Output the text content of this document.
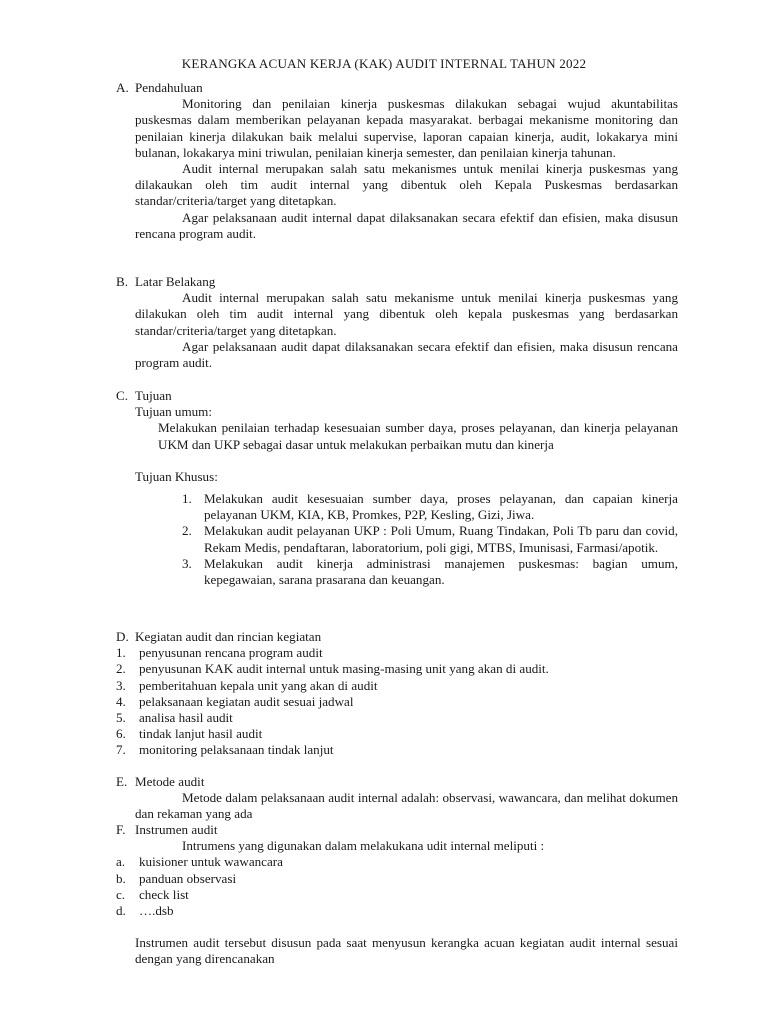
KERANGKA ACUAN KERJA (KAK) AUDIT INTERNAL TAHUN 2022
A. Pendahuluan
Monitoring dan penilaian kinerja puskesmas dilakukan sebagai wujud akuntabilitas puskesmas dalam memberikan pelayanan kepada masyarakat. berbagai mekanisme monitoring dan penilaian kinerja dilakukan baik melalui supervise, laporan capaian kinerja, audit, lokakarya mini bulanan, lokakarya mini triwulan, penilaian kinerja semester, dan penilaian kinerja tahunan.
Audit internal merupakan salah satu mekanismes untuk menilai kinerja puskesmas yang dilakaukan oleh tim audit internal yang dibentuk oleh Kepala Puskesmas berdasarkan standar/criteria/target yang ditetapkan.
Agar pelaksanaan audit internal dapat dilaksanakan secara efektif dan efisien, maka disusun rencana program audit.
B. Latar Belakang
Audit internal merupakan salah satu mekanisme untuk menilai kinerja puskesmas yang dilakukan oleh tim audit internal yang dibentuk oleh kepala puskesmas yang berdasarkan standar/criteria/target yang ditetapkan.
Agar pelaksanaan audit dapat dilaksanakan secara efektif dan efisien, maka disusun rencana program audit.
C. Tujuan
Tujuan umum:
Melakukan penilaian terhadap kesesuaian sumber daya, proses pelayanan, dan kinerja pelayanan UKM dan UKP sebagai dasar untuk melakukan perbaikan mutu dan kinerja
Tujuan Khusus:
1. Melakukan audit kesesuaian sumber daya, proses pelayanan, dan capaian kinerja pelayanan UKM, KIA, KB, Promkes, P2P, Kesling, Gizi, Jiwa.
2. Melakukan audit pelayanan UKP : Poli Umum, Ruang Tindakan, Poli Tb paru dan covid, Rekam Medis, pendaftaran, laboratorium, poli gigi, MTBS, Imunisasi, Farmasi/apotik.
3. Melakukan audit kinerja administrasi manajemen puskesmas: bagian umum, kepegawaian, sarana prasarana dan keuangan.
D. Kegiatan audit dan rincian kegiatan
1.	penyusunan rencana program audit
2.	penyusunan KAK audit internal untuk masing-masing unit yang akan di audit.
3.	pemberitahuan kepala unit yang akan di audit
4.	pelaksanaan kegiatan audit sesuai jadwal
5.	analisa hasil audit
6.	tindak lanjut hasil audit
7.	monitoring pelaksanaan tindak lanjut
E. Metode audit
Metode dalam pelaksanaan audit internal adalah: observasi, wawancara, dan melihat dokumen dan rekaman yang ada
F. Instrumen audit
Intrumens yang digunakan dalam melakukana udit internal meliputi :
a.	kuisioner untuk wawancara
b.	panduan observasi
c.	check list
d.	….dsb
Instrumen audit tersebut disusun pada saat menyusun kerangka acuan kegiatan audit internal sesuai dengan yang direncanakan
